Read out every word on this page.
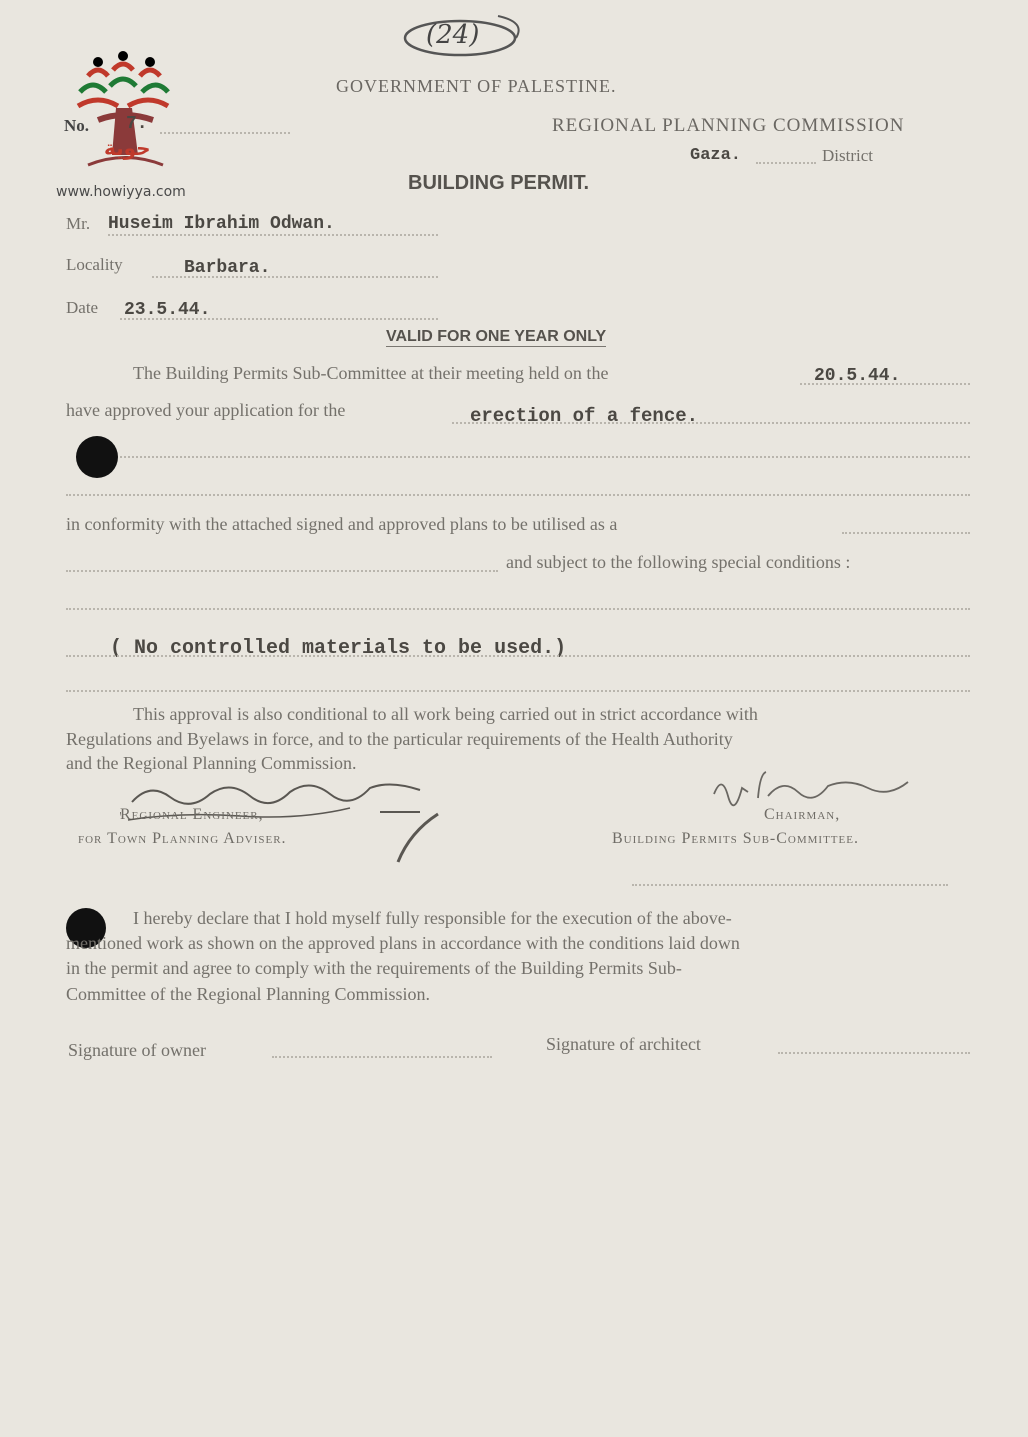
(24)
حوية
www.howiyya.com
GOVERNMENT OF PALESTINE.
No. 7.	REGIONAL PLANNING COMMISSION
Gaza.	District
BUILDING PERMIT.
Mr. Huseim Ibrahim Odwan.
Locality	Barbara.
Date 23.5.44.
VALID FOR ONE YEAR ONLY
The Building Permits Sub-Committee at their meeting held on the	20.5.44.
have approved your application for the	erection of a fence.
in conformity with the attached signed and approved plans to be utilised as a
and subject to the following special conditions :
( No controlled materials to be used.)
This approval is also conditional to all work being carried out in strict accordance with
Regulations and Byelaws in force, and to the particular requirements of the Health Authority
and the Regional Planning Commission.
Regional Engineer,
for Town Planning Adviser.
Chairman,
Building Permits Sub-Committee.
I hereby declare that I hold myself fully responsible for the execution of the above-
mentioned work as shown on the approved plans in accordance with the conditions laid down
in the permit and agree to comply with the requirements of the Building Permits Sub-
Committee of the Regional Planning Commission.
Signature of owner	Signature of architect
